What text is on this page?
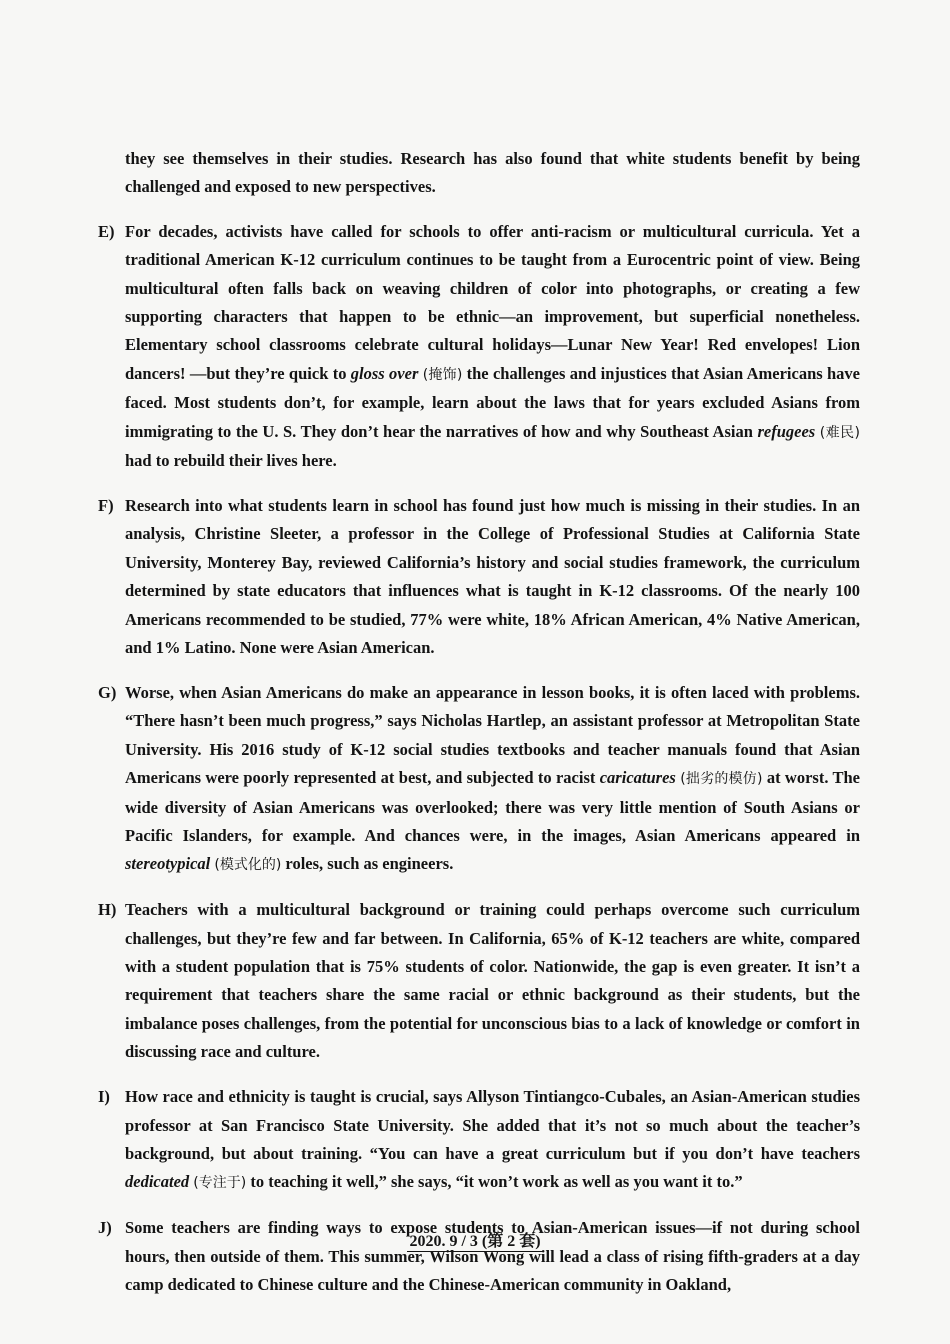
they see themselves in their studies. Research has also found that white students benefit by being challenged and exposed to new perspectives.

E) For decades, activists have called for schools to offer anti-racism or multicultural curricula. Yet a traditional American K-12 curriculum continues to be taught from a Eurocentric point of view. Being multicultural often falls back on weaving children of color into photographs, or creating a few supporting characters that happen to be ethnic—an improvement, but superficial nonetheless. Elementary school classrooms celebrate cultural holidays—Lunar New Year! Red envelopes! Lion dancers! —but they’re quick to gloss over (掩饰) the challenges and injustices that Asian Americans have faced. Most students don’t, for example, learn about the laws that for years excluded Asians from immigrating to the U. S. They don’t hear the narratives of how and why Southeast Asian refugees (难民) had to rebuild their lives here.

F) Research into what students learn in school has found just how much is missing in their studies. In an analysis, Christine Sleeter, a professor in the College of Professional Studies at California State University, Monterey Bay, reviewed California’s history and social studies framework, the curriculum determined by state educators that influences what is taught in K-12 classrooms. Of the nearly 100 Americans recommended to be studied, 77% were white, 18% African American, 4% Native American, and 1% Latino. None were Asian American.

G) Worse, when Asian Americans do make an appearance in lesson books, it is often laced with problems. “There hasn’t been much progress,” says Nicholas Hartlep, an assistant professor at Metropolitan State University. His 2016 study of K-12 social studies textbooks and teacher manuals found that Asian Americans were poorly represented at best, and subjected to racist caricatures (拙劣的模仿) at worst. The wide diversity of Asian Americans was overlooked; there was very little mention of South Asians or Pacific Islanders, for example. And chances were, in the images, Asian Americans appeared in stereotypical (模式化的) roles, such as engineers.

H) Teachers with a multicultural background or training could perhaps overcome such curriculum challenges, but they’re few and far between. In California, 65% of K-12 teachers are white, compared with a student population that is 75% students of color. Nationwide, the gap is even greater. It isn’t a requirement that teachers share the same racial or ethnic background as their students, but the imbalance poses challenges, from the potential for unconscious bias to a lack of knowledge or comfort in discussing race and culture.

I) How race and ethnicity is taught is crucial, says Allyson Tintiangco-Cubales, an Asian-American studies professor at San Francisco State University. She added that it’s not so much about the teacher’s background, but about training. “You can have a great curriculum but if you don’t have teachers dedicated (专注于) to teaching it well,” she says, “it won’t work as well as you want it to.”

J) Some teachers are finding ways to expose students to Asian-American issues—if not during school hours, then outside of them. This summer, Wilson Wong will lead a class of rising fifth-graders at a day camp dedicated to Chinese culture and the Chinese-American community in Oakland,

2020. 9 / 3 (第 2 套)
